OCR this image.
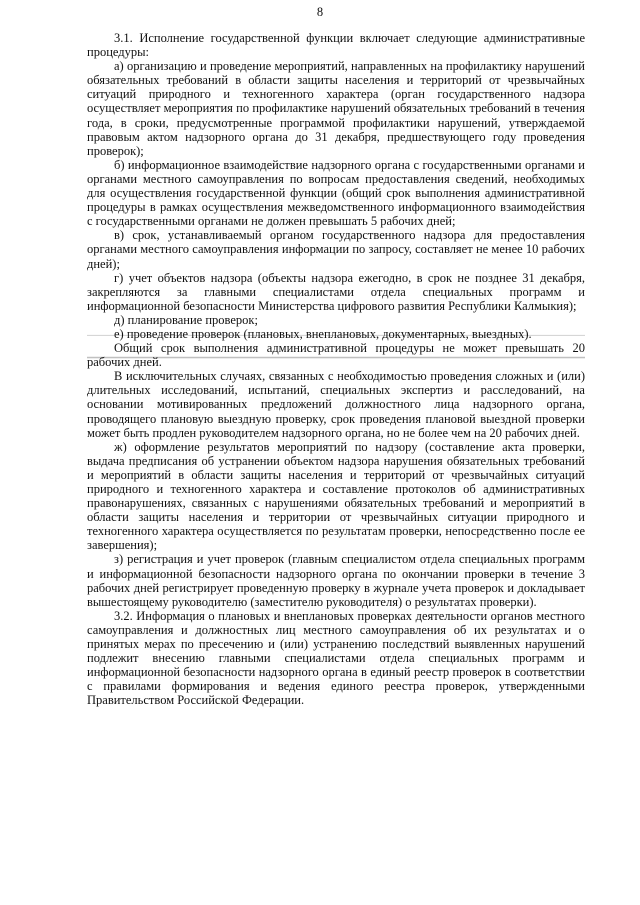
8

3.1. Исполнение государственной функции включает следующие административные процедуры:

а) организацию и проведение мероприятий, направленных на профилактику нарушений обязательных требований в области защиты населения и территорий от чрезвычайных ситуаций природного и техногенного характера (орган государственного надзора осуществляет мероприятия по профилактике нарушений обязательных требований в течения года, в сроки, предусмотренные программой профилактики нарушений, утверждаемой правовым актом надзорного органа до 31 декабря, предшествующего году проведения проверок);

б) информационное взаимодействие надзорного органа с государственными органами и органами местного самоуправления по вопросам предоставления сведений, необходимых для осуществления государственной функции (общий срок выполнения административной процедуры в рамках осуществления межведомственного информационного взаимодействия с государственными органами не должен превышать 5 рабочих дней;

в) срок, устанавливаемый органом государственного надзора для предоставления органами местного самоуправления информации по запросу, составляет не менее 10 рабочих дней);

г) учет объектов надзора (объекты надзора ежегодно, в срок не позднее 31 декабря, закрепляются за главными специалистами отдела специальных программ и информационной безопасности Министерства цифрового развития Республики Калмыкия);

д) планирование проверок;

е) проведение проверок (плановых, внеплановых, документарных, выездных).

Общий срок выполнения административной процедуры не может превышать 20 рабочих дней.

В исключительных случаях, связанных с необходимостью проведения сложных и (или) длительных исследований, испытаний, специальных экспертиз и расследований, на основании мотивированных предложений должностного лица надзорного органа, проводящего плановую выездную проверку, срок проведения плановой выездной проверки может быть продлен руководителем надзорного органа, но не более чем на 20 рабочих дней.

ж) оформление результатов мероприятий по надзору (составление акта проверки, выдача предписания об устранении объектом надзора нарушения обязательных требований и мероприятий в области защиты населения и территорий от чрезвычайных ситуаций природного и техногенного характера и составление протоколов об административных правонарушениях, связанных с нарушениями обязательных требований и мероприятий в области защиты населения и территории от чрезвычайных ситуации природного и техногенного характера осуществляется по результатам проверки, непосредственно после ее завершения);

з) регистрация и учет проверок (главным специалистом отдела специальных программ и информационной безопасности надзорного органа по окончании проверки в течение 3 рабочих дней регистрирует проведенную проверку в журнале учета проверок и докладывает вышестоящему руководителю (заместителю руководителя) о результатах проверки).

3.2. Информация о плановых и внеплановых проверках деятельности органов местного самоуправления и должностных лиц местного самоуправления об их результатах и о принятых мерах по пресечению и (или) устранению последствий выявленных нарушений подлежит внесению главными специалистами отдела специальных программ и информационной безопасности надзорного органа в единый реестр проверок в соответствии с правилами формирования и ведения единого реестра проверок, утвержденными Правительством Российской Федерации.
